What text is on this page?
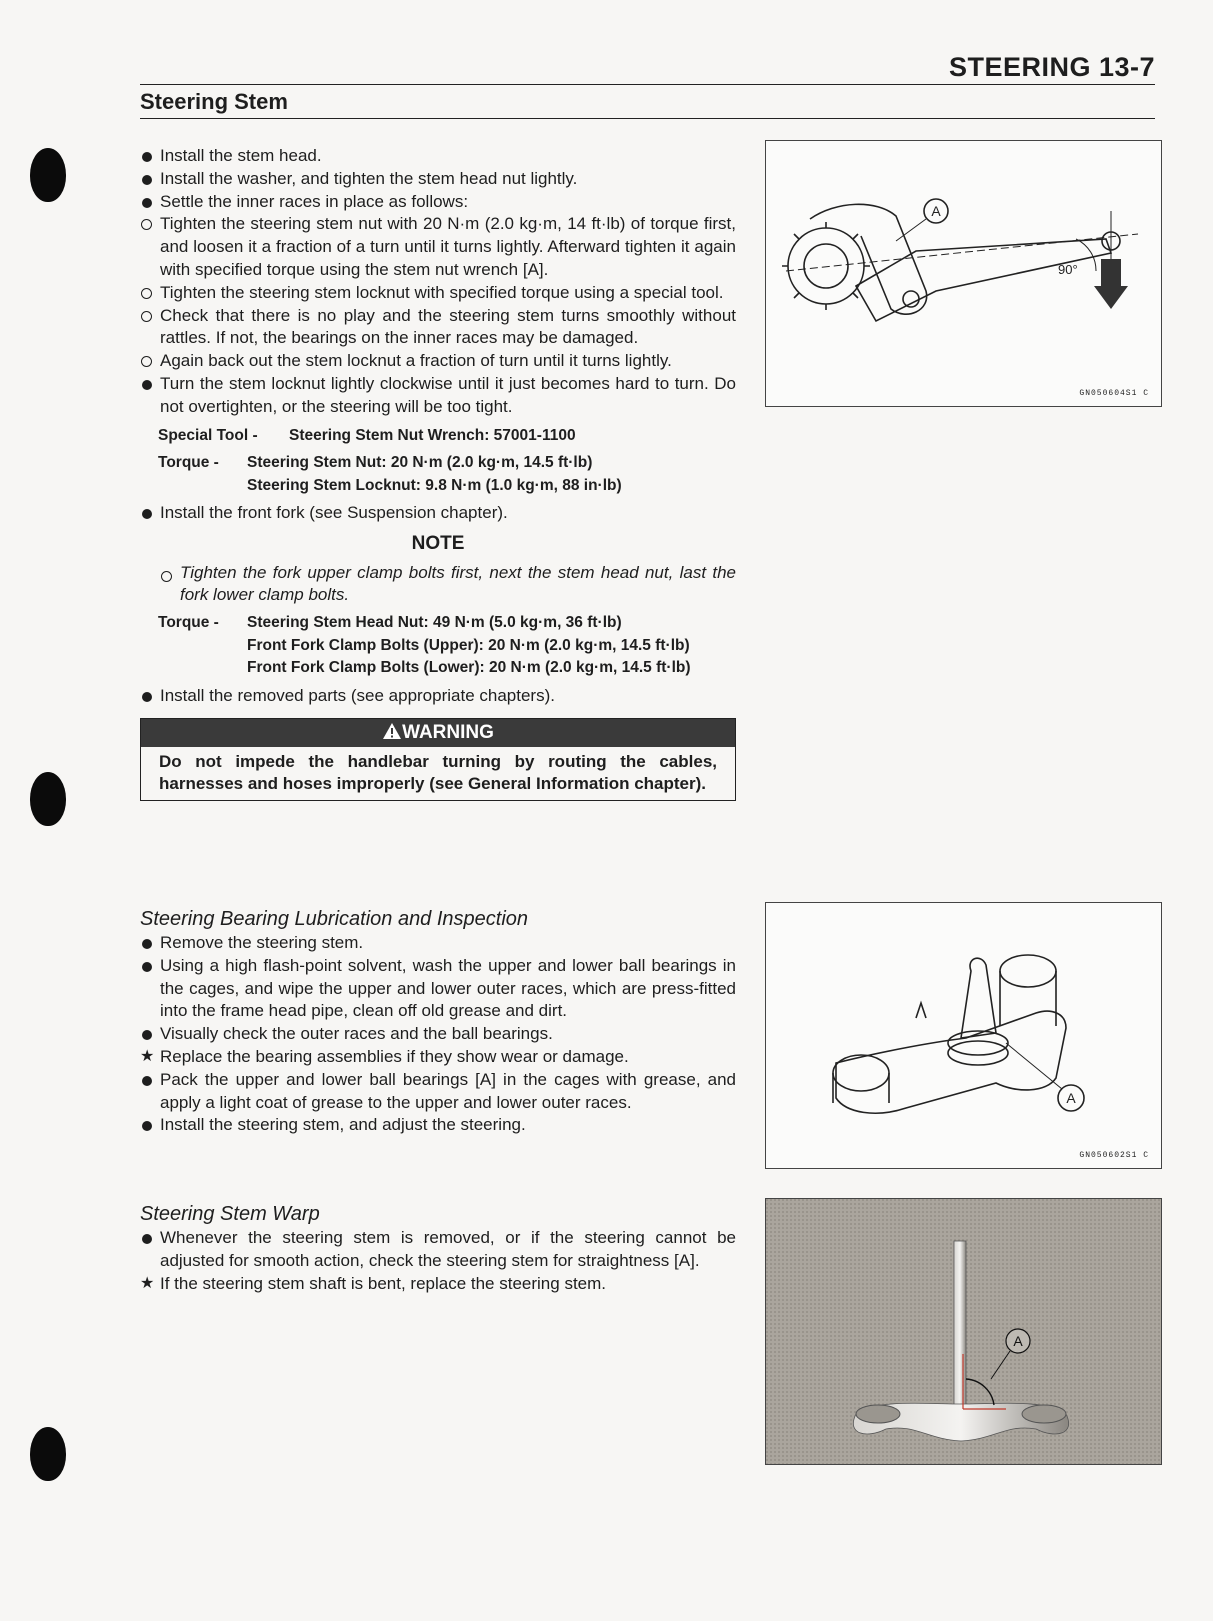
STEERING 13-7
Steering Stem
Install the stem head.
Install the washer, and tighten the stem head nut lightly.
Settle the inner races in place as follows:
Tighten the steering stem nut with 20 N·m (2.0 kg·m, 14 ft·lb) of torque first, and loosen it a fraction of a turn until it turns lightly. Afterward tighten it again with specified torque using the stem nut wrench [A].
Tighten the steering stem locknut with specified torque using a special tool.
Check that there is no play and the steering stem turns smoothly without rattles. If not, the bearings on the inner races may be damaged.
Again back out the stem locknut a fraction of turn until it turns lightly.
Turn the stem locknut lightly clockwise until it just becomes hard to turn. Do not overtighten, or the steering will be too tight.
Special Tool -	Steering Stem Nut Wrench: 57001-1100
Torque -	Steering Stem Nut: 20 N·m (2.0 kg·m, 14.5 ft·lb)
Steering Stem Locknut: 9.8 N·m (1.0 kg·m, 88 in·lb)
Install the front fork (see Suspension chapter).
NOTE
Tighten the fork upper clamp bolts first, next the stem head nut, last the fork lower clamp bolts.
Torque -	Steering Stem Head Nut: 49 N·m (5.0 kg·m, 36 ft·lb)
Front Fork Clamp Bolts (Upper): 20 N·m (2.0 kg·m, 14.5 ft·lb)
Front Fork Clamp Bolts (Lower): 20 N·m (2.0 kg·m, 14.5 ft·lb)
Install the removed parts (see appropriate chapters).
WARNING
Do not impede the handlebar turning by routing the cables, harnesses and hoses improperly (see General Information chapter).
Steering Bearing Lubrication and Inspection
Remove the steering stem.
Using a high flash-point solvent, wash the upper and lower ball bearings in the cages, and wipe the upper and lower outer races, which are press-fitted into the frame head pipe, clean off old grease and dirt.
Visually check the outer races and the ball bearings.
★ Replace the bearing assemblies if they show wear or damage.
Pack the upper and lower ball bearings [A] in the cages with grease, and apply a light coat of grease to the upper and lower outer races.
Install the steering stem, and adjust the steering.
Steering Stem Warp
Whenever the steering stem is removed, or if the steering cannot be adjusted for smooth action, check the steering stem for straightness [A].
★ If the steering stem shaft is bent, replace the steering stem.
A
90°
GN050604S1 C
A
GN050602S1 C
A
